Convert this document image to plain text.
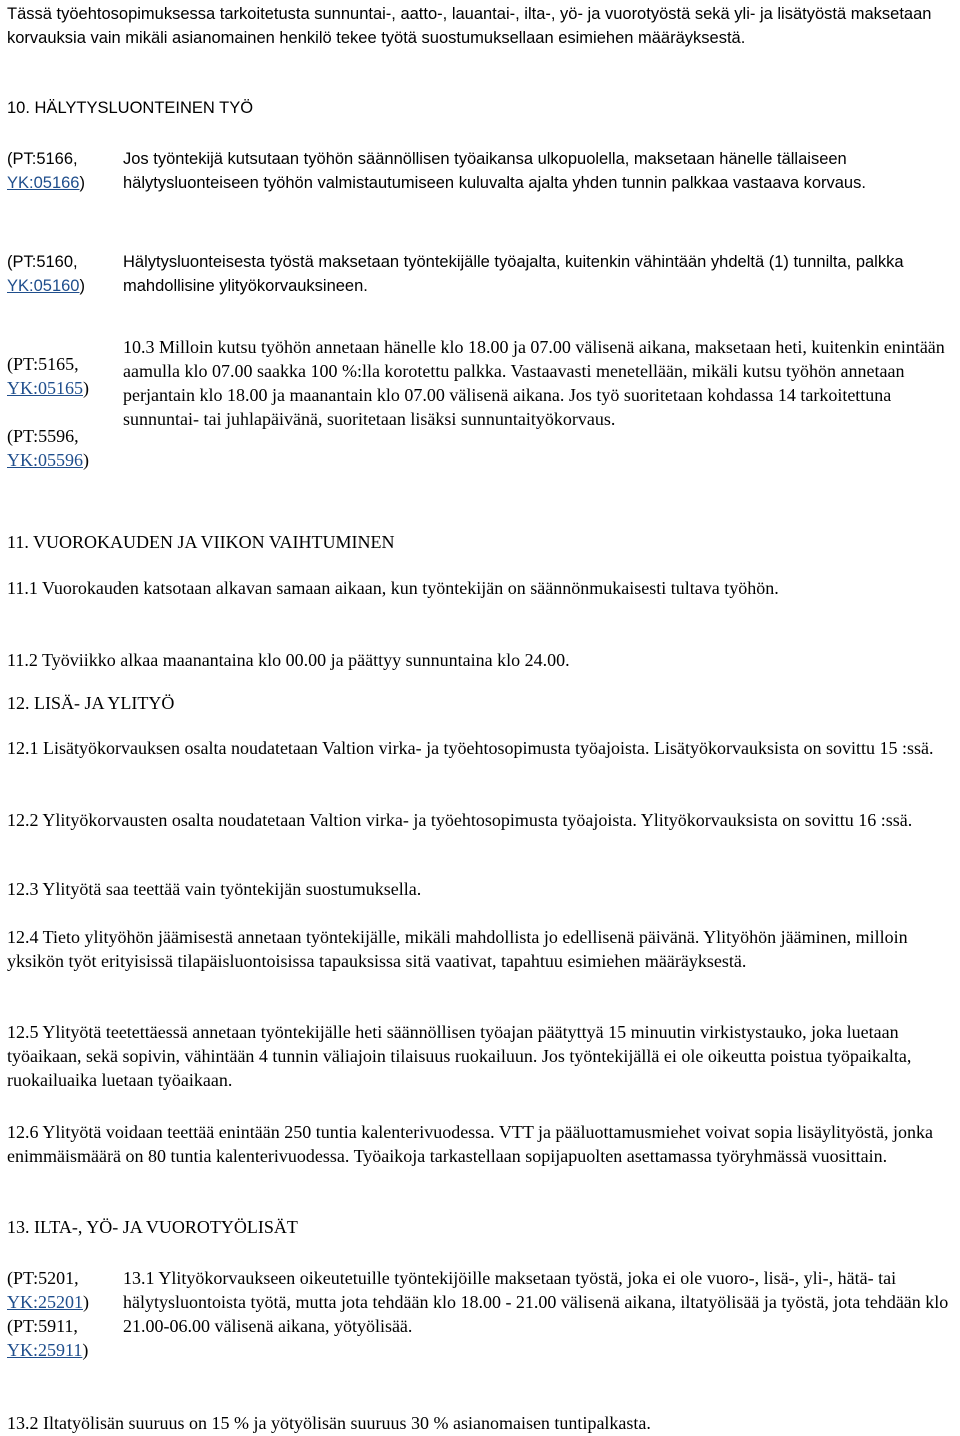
Tässä työehtosopimuksessa tarkoitetusta sunnuntai-, aatto-, lauantai-, ilta-, yö- ja vuorotyöstä sekä yli- ja lisätyöstä maksetaan korvauksia vain mikäli asianomainen henkilö tekee työtä suostumuksellaan esimiehen määräyksestä.

10. HÄLYTYSLUONTEINEN TYÖ

(PT:5166,
YK:05166)
Jos työntekijä kutsutaan työhön säännöllisen työaikansa ulkopuolella, maksetaan hänelle tällaiseen hälytysluonteiseen työhön valmistautumiseen kuluvalta ajalta yhden tunnin palkkaa vastaava korvaus.
(PT:5160,
YK:05160)
Hälytysluonteisesta työstä maksetaan työntekijälle työajalta, kuitenkin vähintään yhdeltä (1) tunnilta, palkka mahdollisine ylityökorvauksineen.
(PT:5165,
YK:05165)
(PT:5596,
YK:05596)

10.3 Milloin kutsu työhön annetaan hänelle klo 18.00 ja 07.00 välisenä aikana, maksetaan heti, kuitenkin enintään aamulla klo 07.00 saakka 100 %:lla korotettu palkka. Vastaavasti menetellään, mikäli kutsu työhön annetaan perjantain klo 18.00 ja maanantain klo 07.00 välisenä aikana. Jos työ suoritetaan kohdassa 14 tarkoitettuna sunnuntai- tai juhlapäivänä, suoritetaan lisäksi sunnuntaityökorvaus.

11. VUOROKAUDEN JA VIIKON VAIHTUMINEN

11.1 Vuorokauden katsotaan alkavan samaan aikaan, kun työntekijän on säännönmukaisesti tultava työhön.

11.2 Työviikko alkaa maanantaina klo 00.00 ja päättyy sunnuntaina klo 24.00.

12. LISÄ- JA YLITYÖ

12.1 Lisätyökorvauksen osalta noudatetaan Valtion virka- ja työehtosopimusta työajoista. Lisätyökorvauksista on sovittu 15 :ssä.

12.2 Ylityökorvausten osalta noudatetaan Valtion virka- ja työehtosopimusta työajoista. Ylityökorvauksista on sovittu 16 :ssä.

12.3 Ylityötä saa teettää vain työntekijän suostumuksella.

12.4 Tieto ylityöhön jäämisestä annetaan työntekijälle, mikäli mahdollista jo edellisenä päivänä. Ylityöhön jääminen, milloin yksikön työt erityisissä tilapäisluontoisissa tapauksissa sitä vaativat, tapahtuu esimiehen määräyksestä.

12.5 Ylityötä teetettäessä annetaan työntekijälle heti säännöllisen työajan päätyttyä 15 minuutin virkistystauko, joka luetaan työaikaan, sekä sopivin, vähintään 4 tunnin väliajoin tilaisuus ruokailuun. Jos työntekijällä ei ole oikeutta poistua työpaikalta, ruokailuaika luetaan työaikaan.

12.6 Ylityötä voidaan teettää enintään 250 tuntia kalenterivuodessa. VTT ja pääluottamusmiehet voivat sopia lisäylityöstä, jonka enimmäismäärä on 80 tuntia kalenterivuodessa. Työaikoja tarkastellaan sopijapuolten asettamassa työryhmässä vuosittain.

13. ILTA-, YÖ- JA VUOROTYÖLISÄT

(PT:5201,
YK:25201)
(PT:5911,
YK:25911)
13.1 Ylityökorvaukseen oikeutetuille työntekijöille maksetaan työstä, joka ei ole vuoro-, lisä-, yli-, hätä- tai hälytysluontoista työtä, mutta jota tehdään klo 18.00 - 21.00 välisenä aikana, iltatyölisää ja työstä, jota tehdään klo 21.00-06.00 välisenä aikana, yötyölisää.

13.2 Iltatyölisän suuruus on 15 % ja yötyölisän suuruus 30 % asianomaisen tuntipalkasta.
